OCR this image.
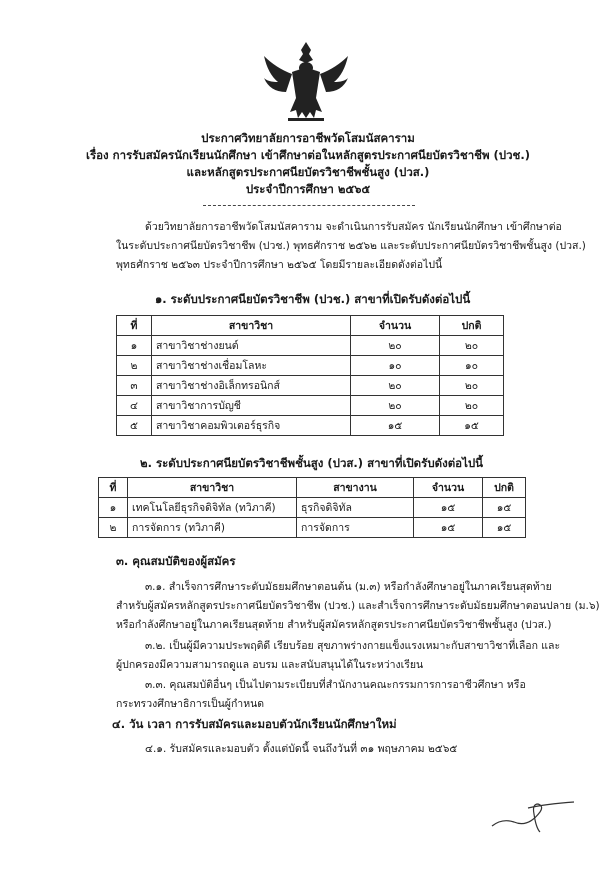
ประกาศวิทยาลัยการอาชีพวัดโสมนัสคาราม
เรื่อง การรับสมัครนักเรียนนักศึกษา เข้าศึกษาต่อในหลักสูตรประกาศนียบัตรวิชาชีพ (ปวช.)
และหลักสูตรประกาศนียบัตรวิชาชีพชั้นสูง (ปวส.)
ประจำปีการศึกษา ๒๕๖๕
ด้วยวิทยาลัยการอาชีพวัดโสมนัสคาราม จะดำเนินการรับสมัคร นักเรียนนักศึกษา เข้าศึกษาต่อ
ในระดับประกาศนียบัตรวิชาชีพ (ปวช.) พุทธศักราช ๒๕๖๒ และระดับประกาศนียบัตรวิชาชีพชั้นสูง (ปวส.)
พุทธศักราช ๒๕๖๓ ประจำปีการศึกษา ๒๕๖๕ โดยมีรายละเอียดดังต่อไปนี้
๑. ระดับประกาศนียบัตรวิชาชีพ (ปวช.) สาขาที่เปิดรับดังต่อไปนี้
ที่	สาขาวิชา	จำนวน	ปกติ
๑	สาขาวิชาช่างยนต์	๒๐	๒๐
๒	สาขาวิชาช่างเชื่อมโลหะ	๑๐	๑๐
๓	สาขาวิชาช่างอิเล็กทรอนิกส์	๒๐	๒๐
๔	สาขาวิชาการบัญชี	๒๐	๒๐
๕	สาขาวิชาคอมพิวเตอร์ธุรกิจ	๑๕	๑๕
๒. ระดับประกาศนียบัตรวิชาชีพชั้นสูง (ปวส.) สาขาที่เปิดรับดังต่อไปนี้
ที่	สาขาวิชา	สาขางาน	จำนวน	ปกติ
๑	เทคโนโลยีธุรกิจดิจิทัล (ทวิภาคี)	ธุรกิจดิจิทัล	๑๕	๑๕
๒	การจัดการ (ทวิภาคี)	การจัดการ	๑๕	๑๕
๓. คุณสมบัติของผู้สมัคร
๓.๑. สำเร็จการศึกษาระดับมัธยมศึกษาตอนต้น (ม.๓) หรือกำลังศึกษาอยู่ในภาคเรียนสุดท้าย
สำหรับผู้สมัครหลักสูตรประกาศนียบัตรวิชาชีพ (ปวช.) และสำเร็จการศึกษาระดับมัธยมศึกษาตอนปลาย (ม.๖)
หรือกำลังศึกษาอยู่ในภาคเรียนสุดท้าย สำหรับผู้สมัครหลักสูตรประกาศนียบัตรวิชาชีพชั้นสูง (ปวส.)
๓.๒. เป็นผู้มีความประพฤติดี เรียบร้อย สุขภาพร่างกายแข็งแรงเหมาะกับสาขาวิชาที่เลือก และ
ผู้ปกครองมีความสามารถดูแล อบรม และสนับสนุนได้ในระหว่างเรียน
๓.๓. คุณสมบัติอื่นๆ เป็นไปตามระเบียบที่สำนักงานคณะกรรมการการอาชีวศึกษา หรือ
กระทรวงศึกษาธิการเป็นผู้กำหนด
๔. วัน เวลา การรับสมัครและมอบตัวนักเรียนนักศึกษาใหม่
๔.๑. รับสมัครและมอบตัว ตั้งแต่บัดนี้ จนถึงวันที่ ๓๑ พฤษภาคม ๒๕๖๕
